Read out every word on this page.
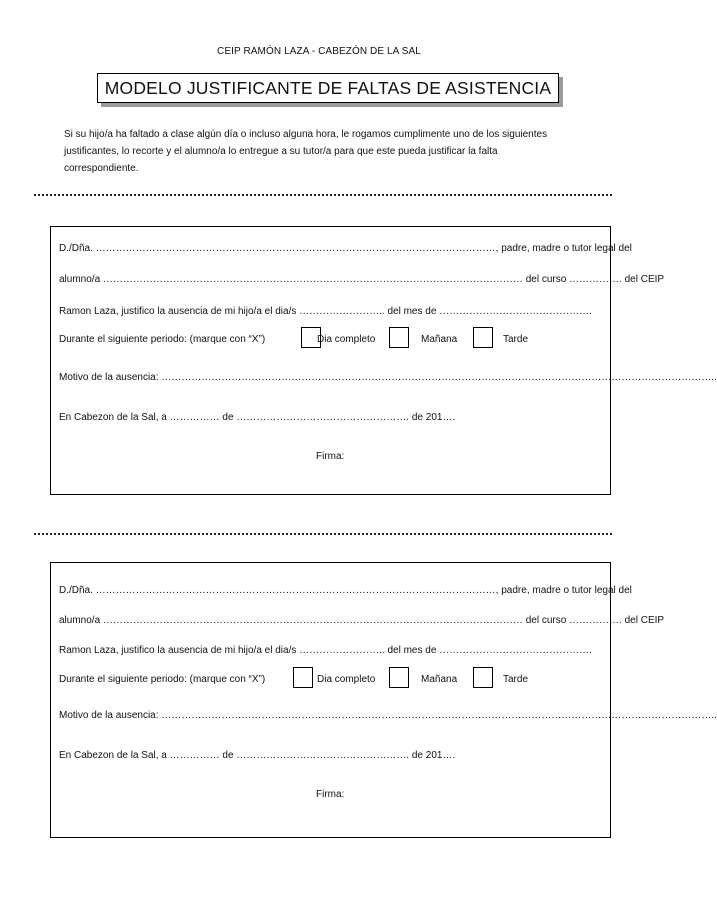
CEIP RAMÓN LAZA - CABEZÓN DE LA SAL
MODELO JUSTIFICANTE DE FALTAS DE ASISTENCIA
Si su hijo/a ha faltado a clase algún día o incluso alguna hora, le rogamos cumplimente uno de los siguientes
justificantes, lo recorte y el alumno/a lo entregue a su tutor/a para que este pueda justificar la falta
correspondiente.
D./Dña. …………………………………………………………………………………………………………, padre, madre o tutor legal del
alumno/a ……………………………………………………………………………………………………………… del curso ……………. del CEIP
Ramon Laza, justifico la ausencia de mi hijo/a el dia/s …………………….. del mes de ……………………………………….
Durante el siguiente periodo: (marque con “X”)	Dia completo	Mañana	Tarde
Motivo de la ausencia: …………………………………………………………………………………………………………………………………………………..
En Cabezon de la Sal, a …………… de ……………………………………………. de 201….
Firma:
D./Dña. …………………………………………………………………………………………………………, padre, madre o tutor legal del
alumno/a ……………………………………………………………………………………………………………… del curso ……………. del CEIP
Ramon Laza, justifico la ausencia de mi hijo/a el dia/s …………………….. del mes de ……………………………………….
Durante el siguiente periodo: (marque con “X”)	Dia completo	Mañana	Tarde
Motivo de la ausencia: …………………………………………………………………………………………………………………………………………………..
En Cabezon de la Sal, a …………… de ……………………………………………. de 201….
Firma:
